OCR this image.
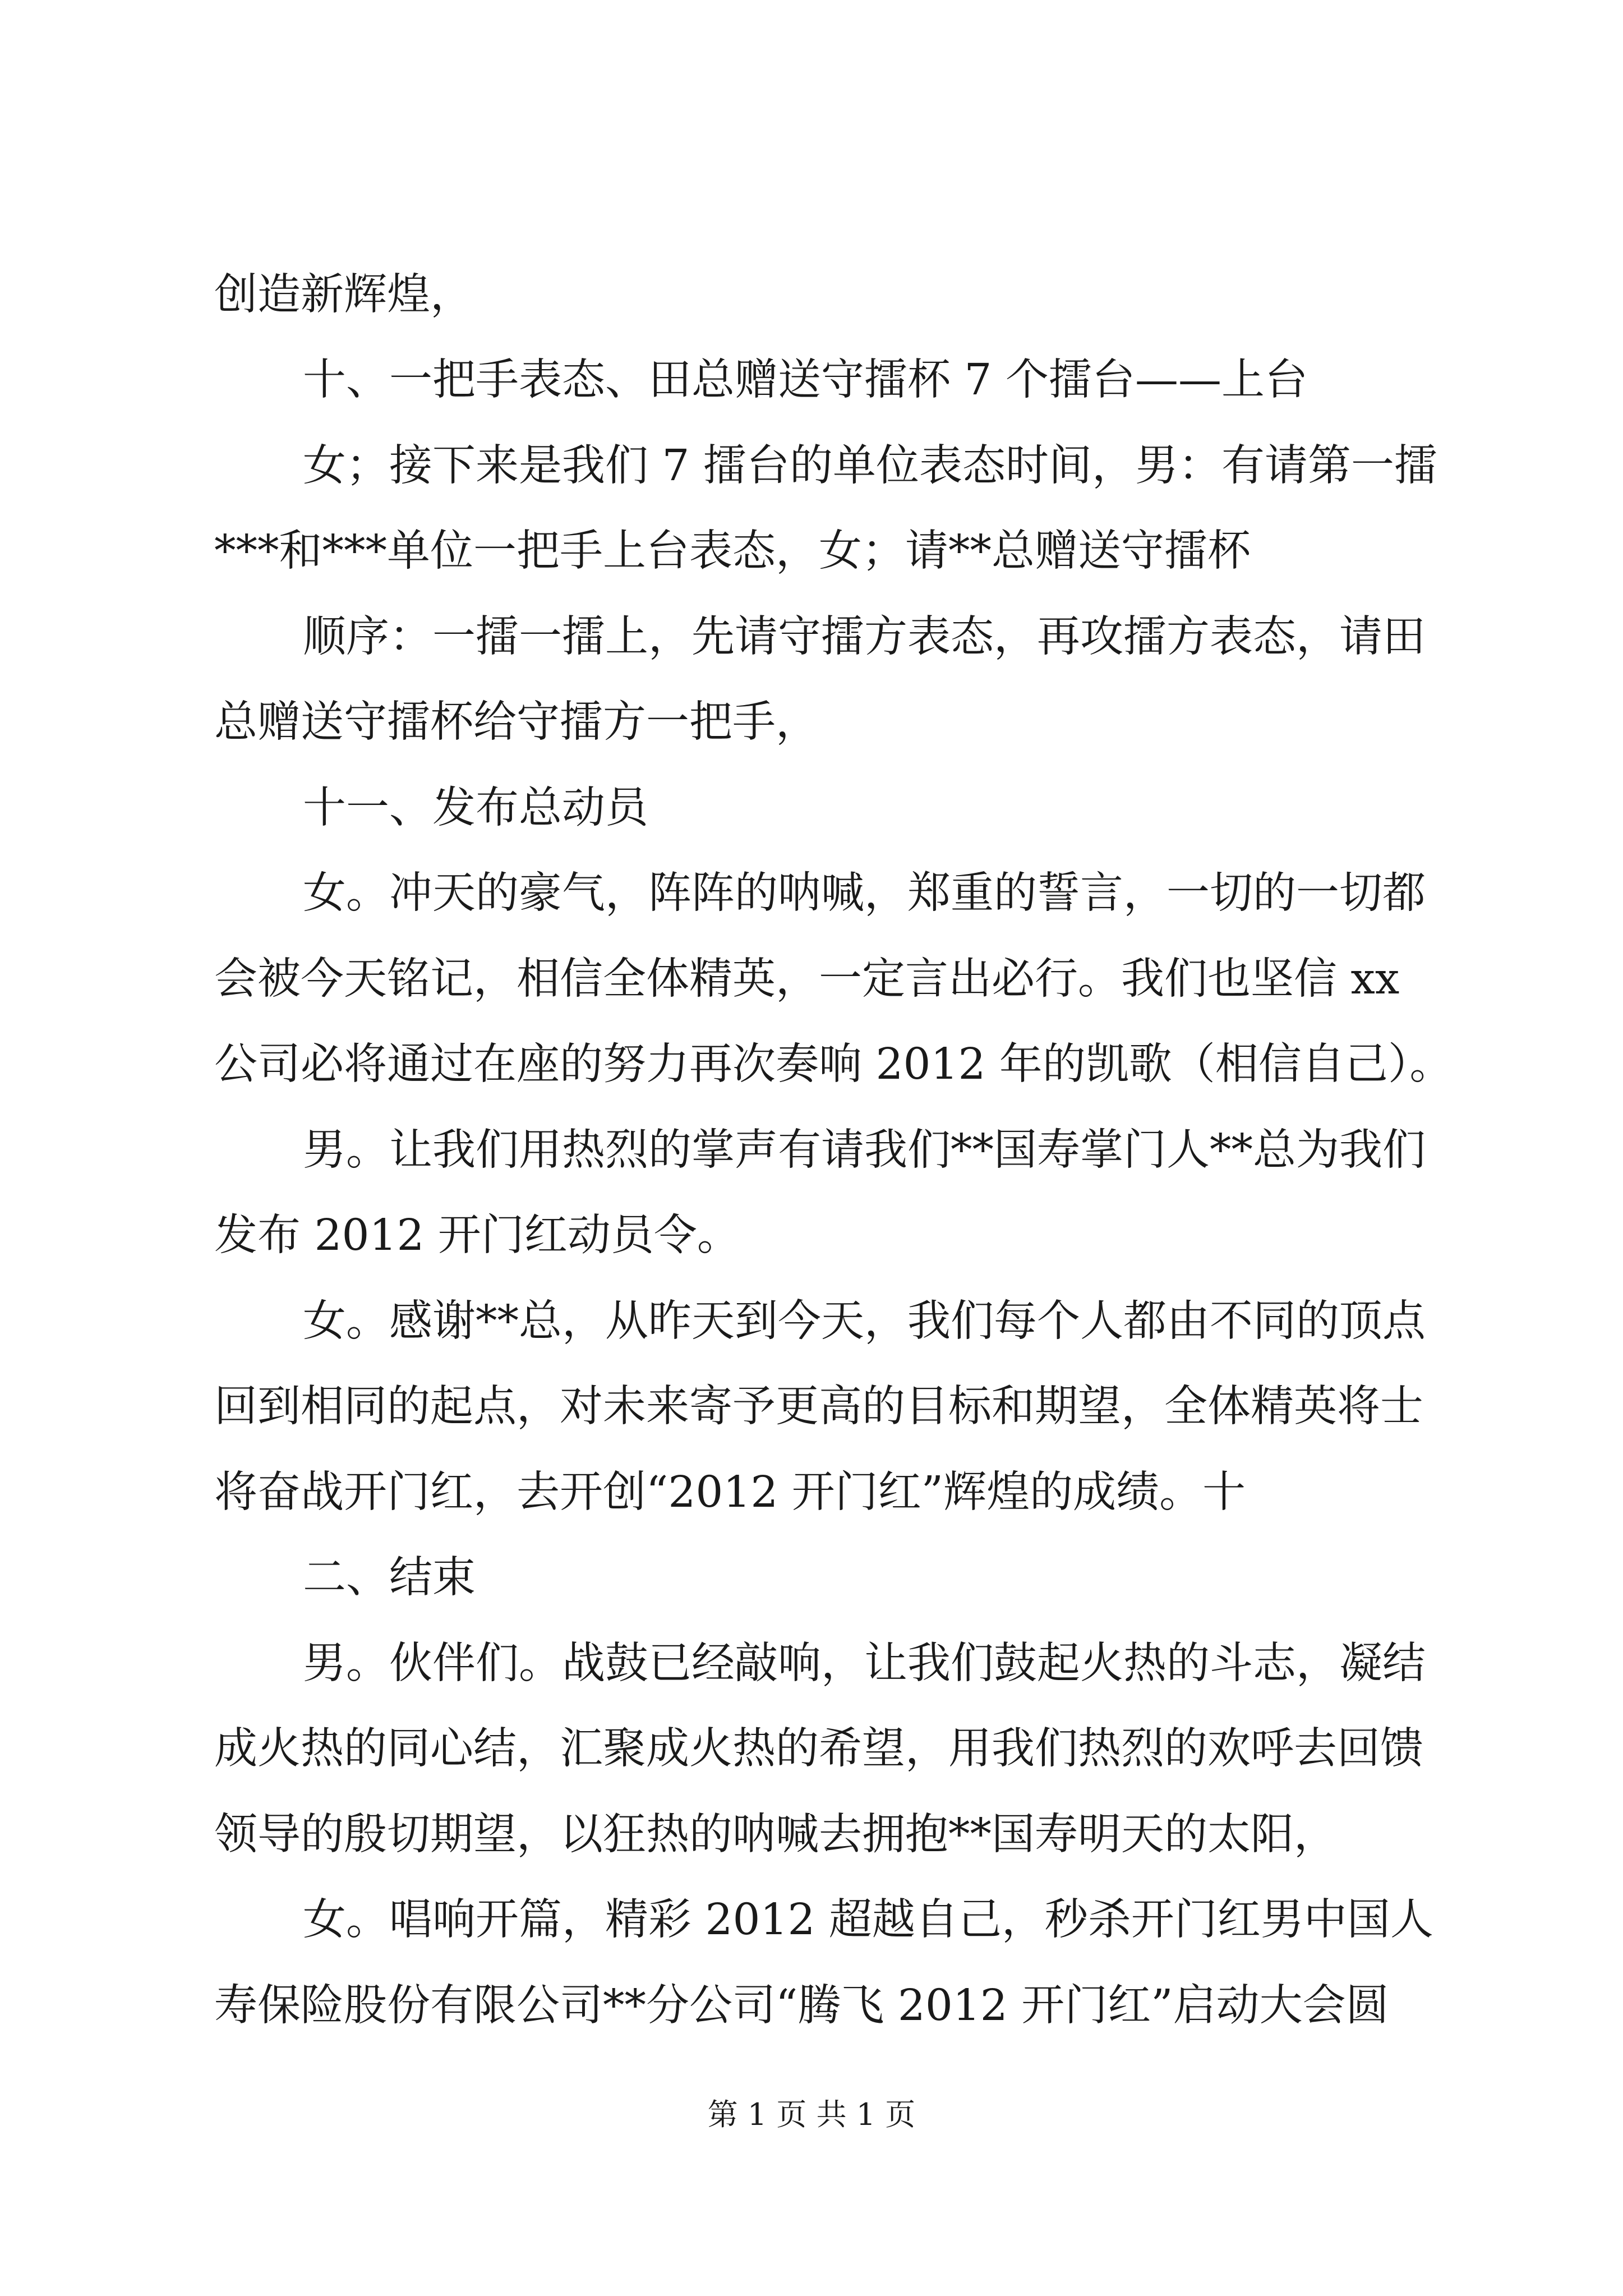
创造新辉煌，
十、一把手表态、田总赠送守擂杯 7 个擂台——上台
女；接下来是我们 7 擂台的单位表态时间，男：有请第一擂
***和***单位一把手上台表态，女；请**总赠送守擂杯
顺序：一擂一擂上，先请守擂方表态，再攻擂方表态，请田
总赠送守擂杯给守擂方一把手，
十一、发布总动员
女。冲天的豪气，阵阵的呐喊，郑重的誓言，一切的一切都
会被今天铭记，相信全体精英，一定言出必行。我们也坚信 xx
公司必将通过在座的努力再次奏响 2012 年的凯歌（相信自己）。
男。让我们用热烈的掌声有请我们**国寿掌门人**总为我们
发布 2012 开门红动员令。
女。感谢**总，从昨天到今天，我们每个人都由不同的顶点
回到相同的起点，对未来寄予更高的目标和期望，全体精英将士
将奋战开门红，去开创“2012 开门红”辉煌的成绩。十
二、结束
男。伙伴们。战鼓已经敲响，让我们鼓起火热的斗志，凝结
成火热的同心结，汇聚成火热的希望，用我们热烈的欢呼去回馈
领导的殷切期望，以狂热的呐喊去拥抱**国寿明天的太阳，
女。唱响开篇，精彩 2012 超越自己，秒杀开门红男中国人
寿保险股份有限公司**分公司“腾飞 2012 开门红”启动大会圆
第 1 页 共 1 页
